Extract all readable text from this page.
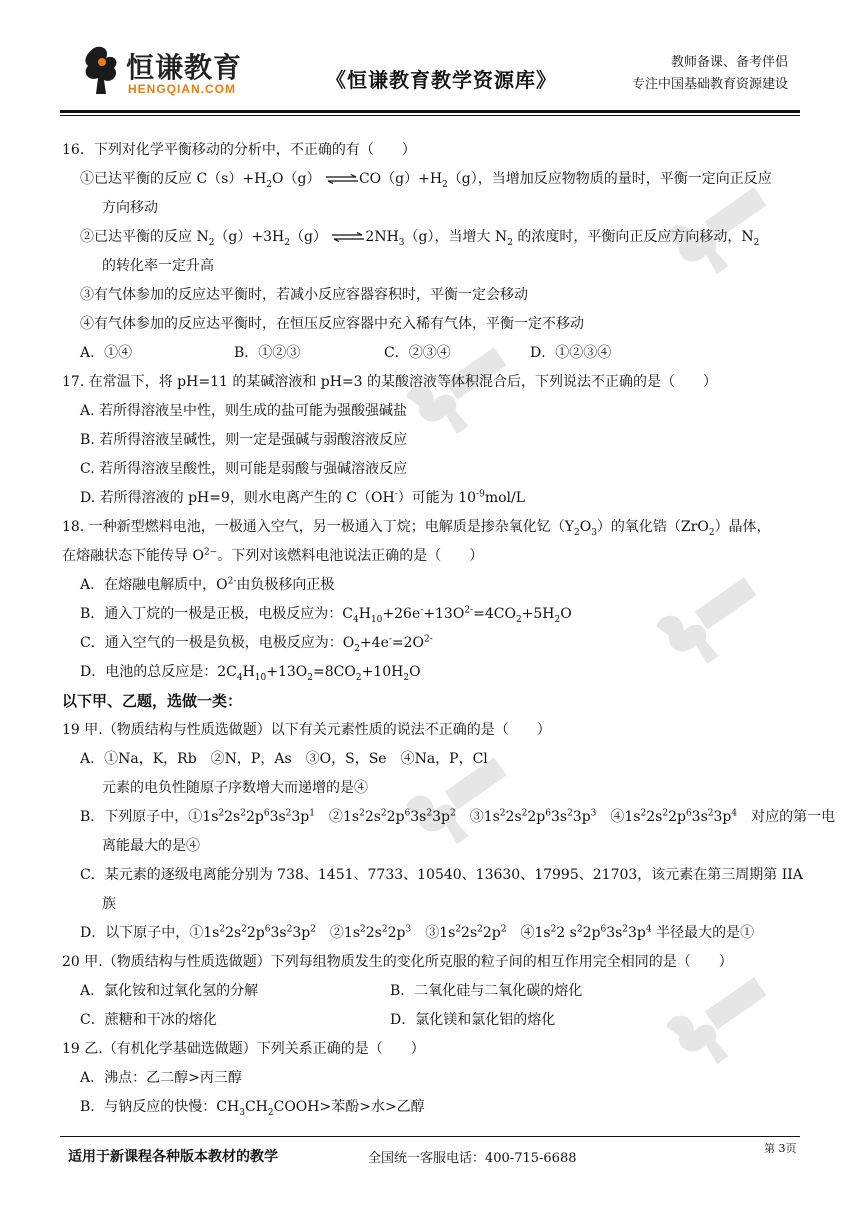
恒谦教育
HENGQIAN.COM	《恒谦教育教学资源库》
教师备课、备考伴侣
专注中国基础教育资源建设
16．下列对化学平衡移动的分析中，不正确的有（　　）
①已达平衡的反应 $C(s)+H_2O(g)$ $\rightleftharpoons CO(g)+H_2(g)$，当增加反应物物质的量时，平衡一定向正反应
方向移动
②已达平衡的反应 $N_2(g)+3H_2(g)$ $\rightleftharpoons 2NH_3(g)$，当增大 $N_2$ 的浓度时，平衡向正反应方向移动，$N_2$
的转化率一定升高
③有气体参加的反应达平衡时，若减小反应容器容积时，平衡一定会移动
④有气体参加的反应达平衡时，在恒压反应容器中充入稀有气体，平衡一定不移动
A．①④	B．①②③	C．②③④	D．①②③④
17. 在常温下，将 pH=11 的某碱溶液和 pH=3 的某酸溶液等体积混合后，下列说法不正确的是（　　）
A. 若所得溶液呈中性，则生成的盐可能为强酸强碱盐
B. 若所得溶液呈碱性，则一定是强碱与弱酸溶液反应
C. 若所得溶液呈酸性，则可能是弱酸与强碱溶液反应
D. 若所得溶液的 pH=9，则水电离产生的 C（OH-）可能为 $10^{-9}mol/L$
18. 一种新型燃料电池，一极通入空气，另一极通入丁烷；电解质是掺杂氧化钇$(Y_2O_3)$的氧化锆（ZrO$_2$）晶体，
在熔融状态下能传导 $O^{2-}$。下列对该燃料电池说法正确的是（　　）
A．在熔融电解质中，$O^{2-}$由负极移向正极
B．通入丁烷的一极是正极，电极反应为：$C_4H_{10}+26e^-+13O^{2-}=4CO_2+5H_2O$
C．通入空气的一极是负极，电极反应为：$O_2+4e^-=2O^{2-}$
D．电池的总反应是：$2C_4H_{10}+13O_2=8CO_2+10H_2O$
以下甲、乙题，选做一类：
19 甲.（物质结构与性质选做题）以下有关元素性质的说法不正确的是（　　）
A．①Na，K，Rb　②N，P，As　③O，S，Se　④Na，P，Cl
元素的电负性随原子序数增大而递增的是④
B．下列原子中，$①1s^22s^22p^63s^23p^1$　$②1s^22s^22p^63s^23p^2$　$③1s^22s^22p^63s^23p^3$　$④1s^22s^22p^63s^23p^4$　对应的第一电
离能最大的是④
C．某元素的逐级电离能分别为 738、1451、7733、10540、13630、17995、21703，该元素在第三周期第 IIA
族
D．以下原子中，$①1s^22s^22p^63s^23p^2$　$②1s^22s^22p^3$　$③1s^22s^22p^2$　$④1s^22$ $s^22p^63s^23p^4$ 半径最大的是①
20 甲.（物质结构与性质选做题）下列每组物质发生的变化所克服的粒子间的相互作用完全相同的是（　　）
A．氯化铵和过氧化氢的分解	B．二氧化硅与二氧化碳的熔化
C．蔗糖和干冰的熔化	D．氯化镁和氯化铝的熔化
19 乙.（有机化学基础选做题）下列关系正确的是（　　）
A．沸点：乙二醇>丙三醇
B．与钠反应的快慢：$CH_3CH_2COOH>$苯酚>水>乙醇
适用于新课程各种版本教材的教学	全国统一客服电话：400-715-6688
第 3页
